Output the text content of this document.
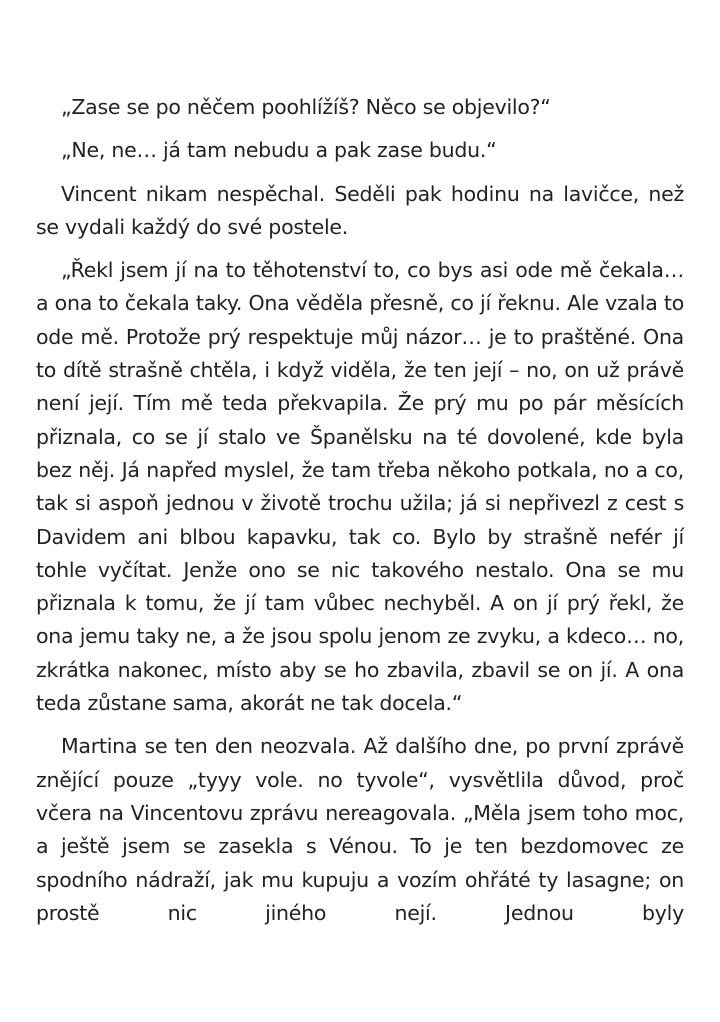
„Zase se po něčem poohlížíš? Něco se objevilo?“

„Ne, ne… já tam nebudu a pak zase budu.“

Vincent nikam nespěchal. Seděli pak hodinu na lavičce, než se vydali každý do své postele.

„Řekl jsem jí na to těhotenství to, co bys asi ode mě čekala… a ona to čekala taky. Ona věděla přesně, co jí řeknu. Ale vzala to ode mě. Protože prý respektuje můj názor… je to praštěné. Ona to dítě strašně chtěla, i když viděla, že ten její – no, on už právě není její. Tím mě teda překvapila. Že prý mu po pár měsících přiznala, co se jí stalo ve Španělsku na té dovolené, kde byla bez něj. Já napřed myslel, že tam třeba někoho potkala, no a co, tak si aspoň jednou v životě trochu užila; já si nepřivezl z cest s Davidem ani blbou kapavku, tak co. Bylo by strašně nefér jí tohle vyčítat. Jenže ono se nic takového nestalo. Ona se mu přiznala k tomu, že jí tam vůbec nechyběl. A on jí prý řekl, že ona jemu taky ne, a že jsou spolu jenom ze zvyku, a kdeco… no, zkrátka nakonec, místo aby se ho zbavila, zbavil se on jí. A ona teda zůstane sama, akorát ne tak docela.“

Martina se ten den neozvala. Až dalšího dne, po první zprávě znějící pouze „tyyy vole. no tyvole“, vysvětlila důvod, proč včera na Vincentovu zprávu nereagovala. „Měla jsem toho moc, a ještě jsem se zasekla s Vénou. To je ten bezdomovec ze spodního nádraží, jak mu kupuju a vozím ohřáté ty lasagne; on prostě nic jiného nejí. Jednou byly
